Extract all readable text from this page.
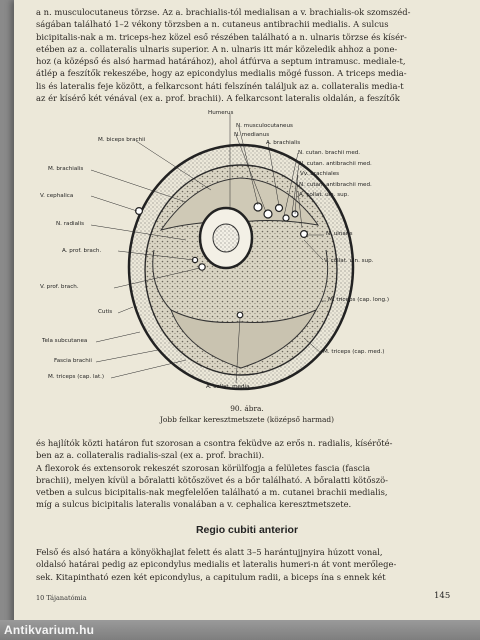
a n. musculocutaneus törzse. Az a. brachialis-tól medialisan a v. brachialis-ok szomszéd-
ságában található 1–2 vékony törzsben a n. cutaneus antibrachii medialis. A sulcus
bicipitalis-nak a m. triceps-hez közel eső részében található a n. ulnaris törzse és kísér-
etében az a. collateralis ulnaris superior. A n. ulnaris itt már közeledik ahhoz a pone-
hoz (a középső és alsó harmad határához), ahol átfúrva a septum intramusc. mediale-t,
átlép a feszítők rekeszébe, hogy az epicondylus medialis mögé fusson. A triceps media-
lis és lateralis feje között, a felkarcsont háti felszínén találjuk az a. collateralis media-t
az ér kísérő két vénával (ex a. prof. brachii). A felkarcsont lateralis oldalán, a feszítők

Humerus
N. musculocutaneus
N. medianus
A. brachialis
M. biceps brachii
N. cutan. brachii med.
N. cutan. antibrachii med.
Vv. brachiales
M. brachialis
N. cutan. antibrachii med.
A. collat. uln. sup.
V. cephalica
N. radialis
N. ulnaris
A. prof. brach.
V. collat. uln. sup.
V. prof. brach.
Cutis
M. triceps (cap. long.)
Tela subcutanea
Fascia brachii
M. triceps (cap. med.)
M. triceps (cap. lat.)
A. collat. media
90. ábra.
Jobb felkar keresztmetszete (középső harmad)

és hajlítók közti határon fut szorosan a csontra feküdve az erős n. radialis, kísérőté-
ben az a. collateralis radialis-szal (ex a. prof. brachii).
A flexorok és extensorok rekeszét szorosan körülfogja a felületes fascia (fascia
brachii), melyen kívül a bőralatti kötőszövet és a bőr található. A bőralatti kötőszö-
vetben a sulcus bicipitalis-nak megfelelően található a m. cutanei brachii medialis,
míg a sulcus bicipitalis lateralis vonalában a v. cephalica keresztmetszete.

Regio cubiti anterior

Felső és alsó határa a könyökhajlat felett és alatt 3–5 harántujjnyira húzott vonal,
oldalsó határai pedig az epicondylus medialis et lateralis humeri-n át vont merőlege-
sek. Kitapintható ezen két epicondylus, a capitulum radii, a biceps ína s ennek két

10 Tájanatómia	145
Antikvarium.hu
